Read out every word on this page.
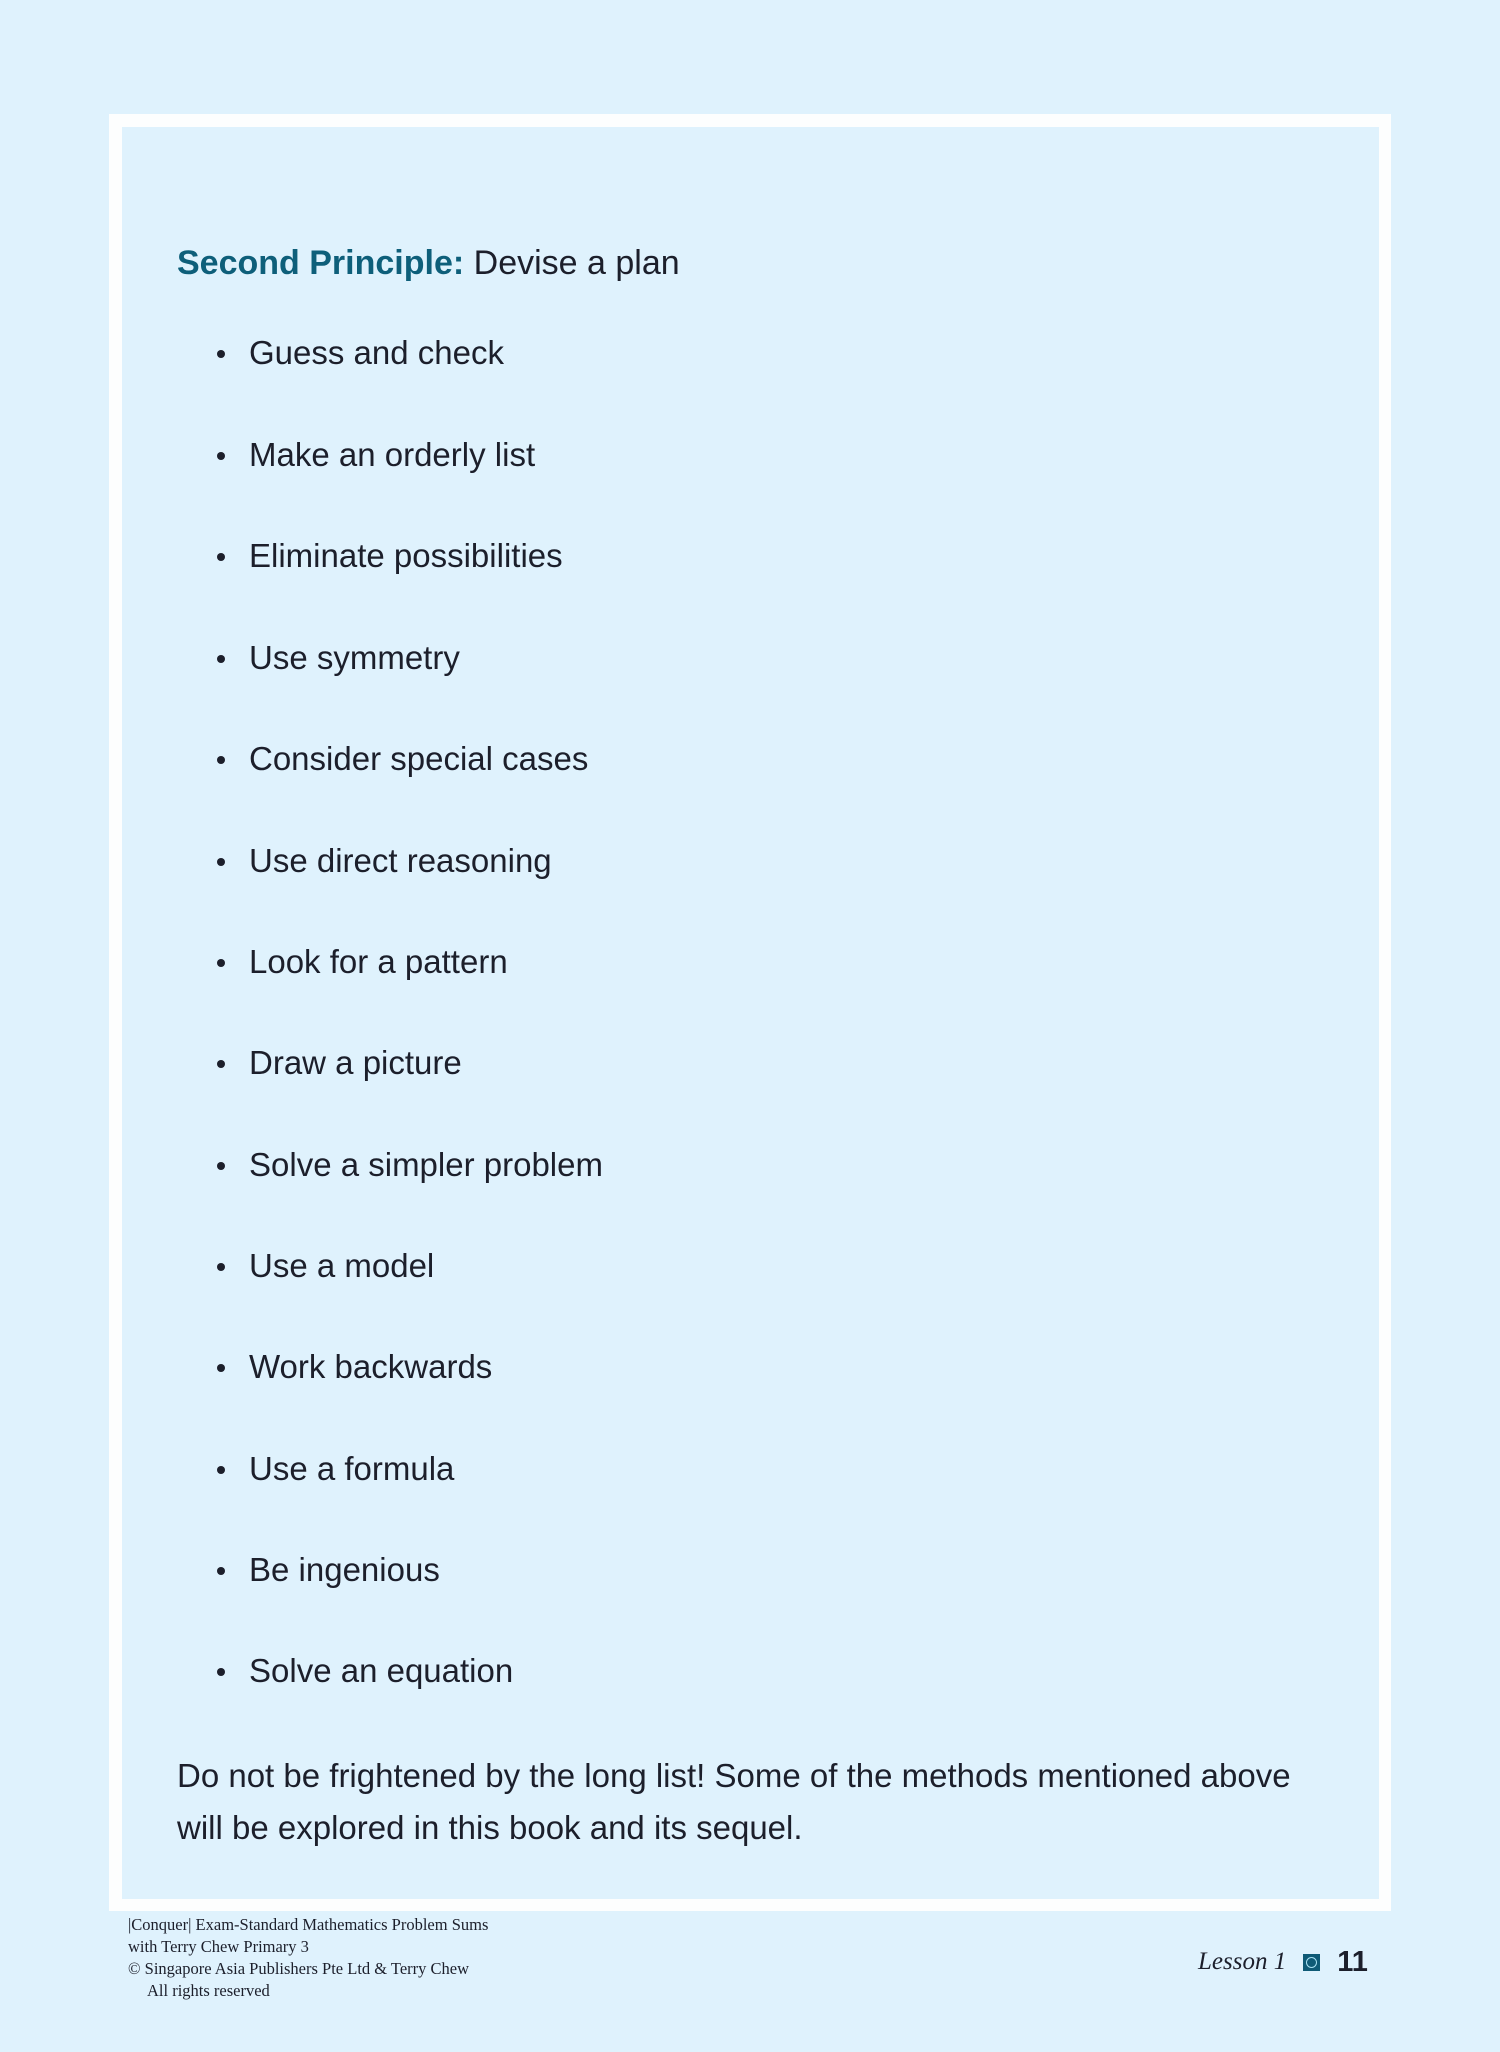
Second Principle: Devise a plan
Guess and check
Make an orderly list
Eliminate possibilities
Use symmetry
Consider special cases
Use direct reasoning
Look for a pattern
Draw a picture
Solve a simpler problem
Use a model
Work backwards
Use a formula
Be ingenious
Solve an equation

Do not be frightened by the long list! Some of the methods mentioned above will be explored in this book and its sequel.

|Conquer| Exam-Standard Mathematics Problem Sums
with Terry Chew Primary 3
© Singapore Asia Publishers Pte Ltd & Terry Chew
All rights reserved
Lesson 1 11
